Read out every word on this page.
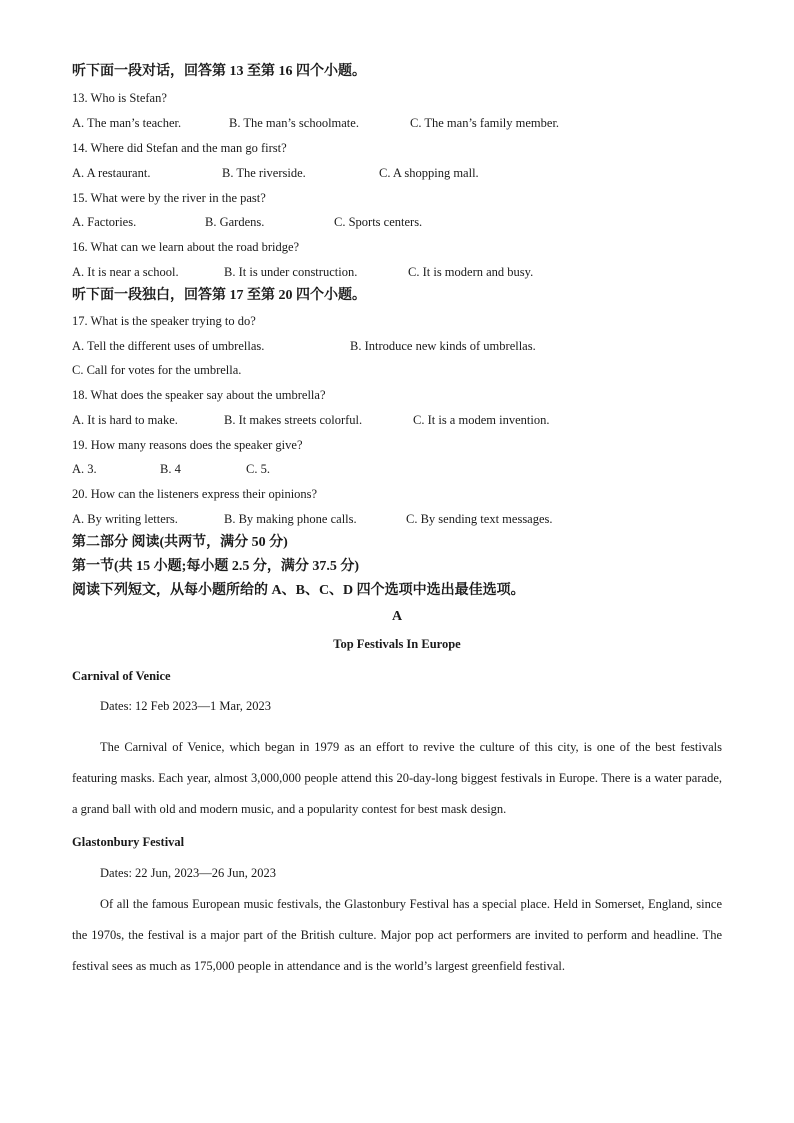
听下面一段对话，回答第 13 至第 16 四个小题。
13. Who is Stefan?
A. The man’s teacher.	B. The man’s schoolmate.	C. The man’s family member.
14. Where did Stefan and the man go first?
A. A restaurant.	B. The riverside.	C. A shopping mall.
15. What were by the river in the past?
A. Factories.	B. Gardens.	C. Sports centers.
16. What can we learn about the road bridge?
A. It is near a school.	B. It is under construction.	C. It is modern and busy.
听下面一段独白，回答第 17 至第 20 四个小题。
17. What is the speaker trying to do?
A. Tell the different uses of umbrellas.	B. Introduce new kinds of umbrellas.
C. Call for votes for the umbrella.
18. What does the speaker say about the umbrella?
A. It is hard to make.	B. It makes streets colorful.	C. It is a modem invention.
19. How many reasons does the speaker give?
A. 3.	B. 4	C. 5.
20. How can the listeners express their opinions?
A. By writing letters.	B. By making phone calls.	C. By sending text messages.
第二部分 阅读(共两节，满分 50 分)
第一节(共 15 小题;每小题 2.5 分，满分 37.5 分)
阅读下列短文，从每小题所给的 A、B、C、D 四个选项中选出最佳选项。
A
Top Festivals In Europe
Carnival of Venice
Dates: 12 Feb 2023—1 Mar, 2023
The Carnival of Venice, which began in 1979 as an effort to revive the culture of this city, is one of the best festivals featuring masks. Each year, almost 3,000,000 people attend this 20-day-long biggest festivals in Europe. There is a water parade, a grand ball with old and modern music, and a popularity contest for best mask design.
Glastonbury Festival
Dates: 22 Jun, 2023—26 Jun, 2023
Of all the famous European music festivals, the Glastonbury Festival has a special place. Held in Somerset, England, since the 1970s, the festival is a major part of the British culture. Major pop act performers are invited to perform and headline. The festival sees as much as 175,000 people in attendance and is the world’s largest greenfield festival.
